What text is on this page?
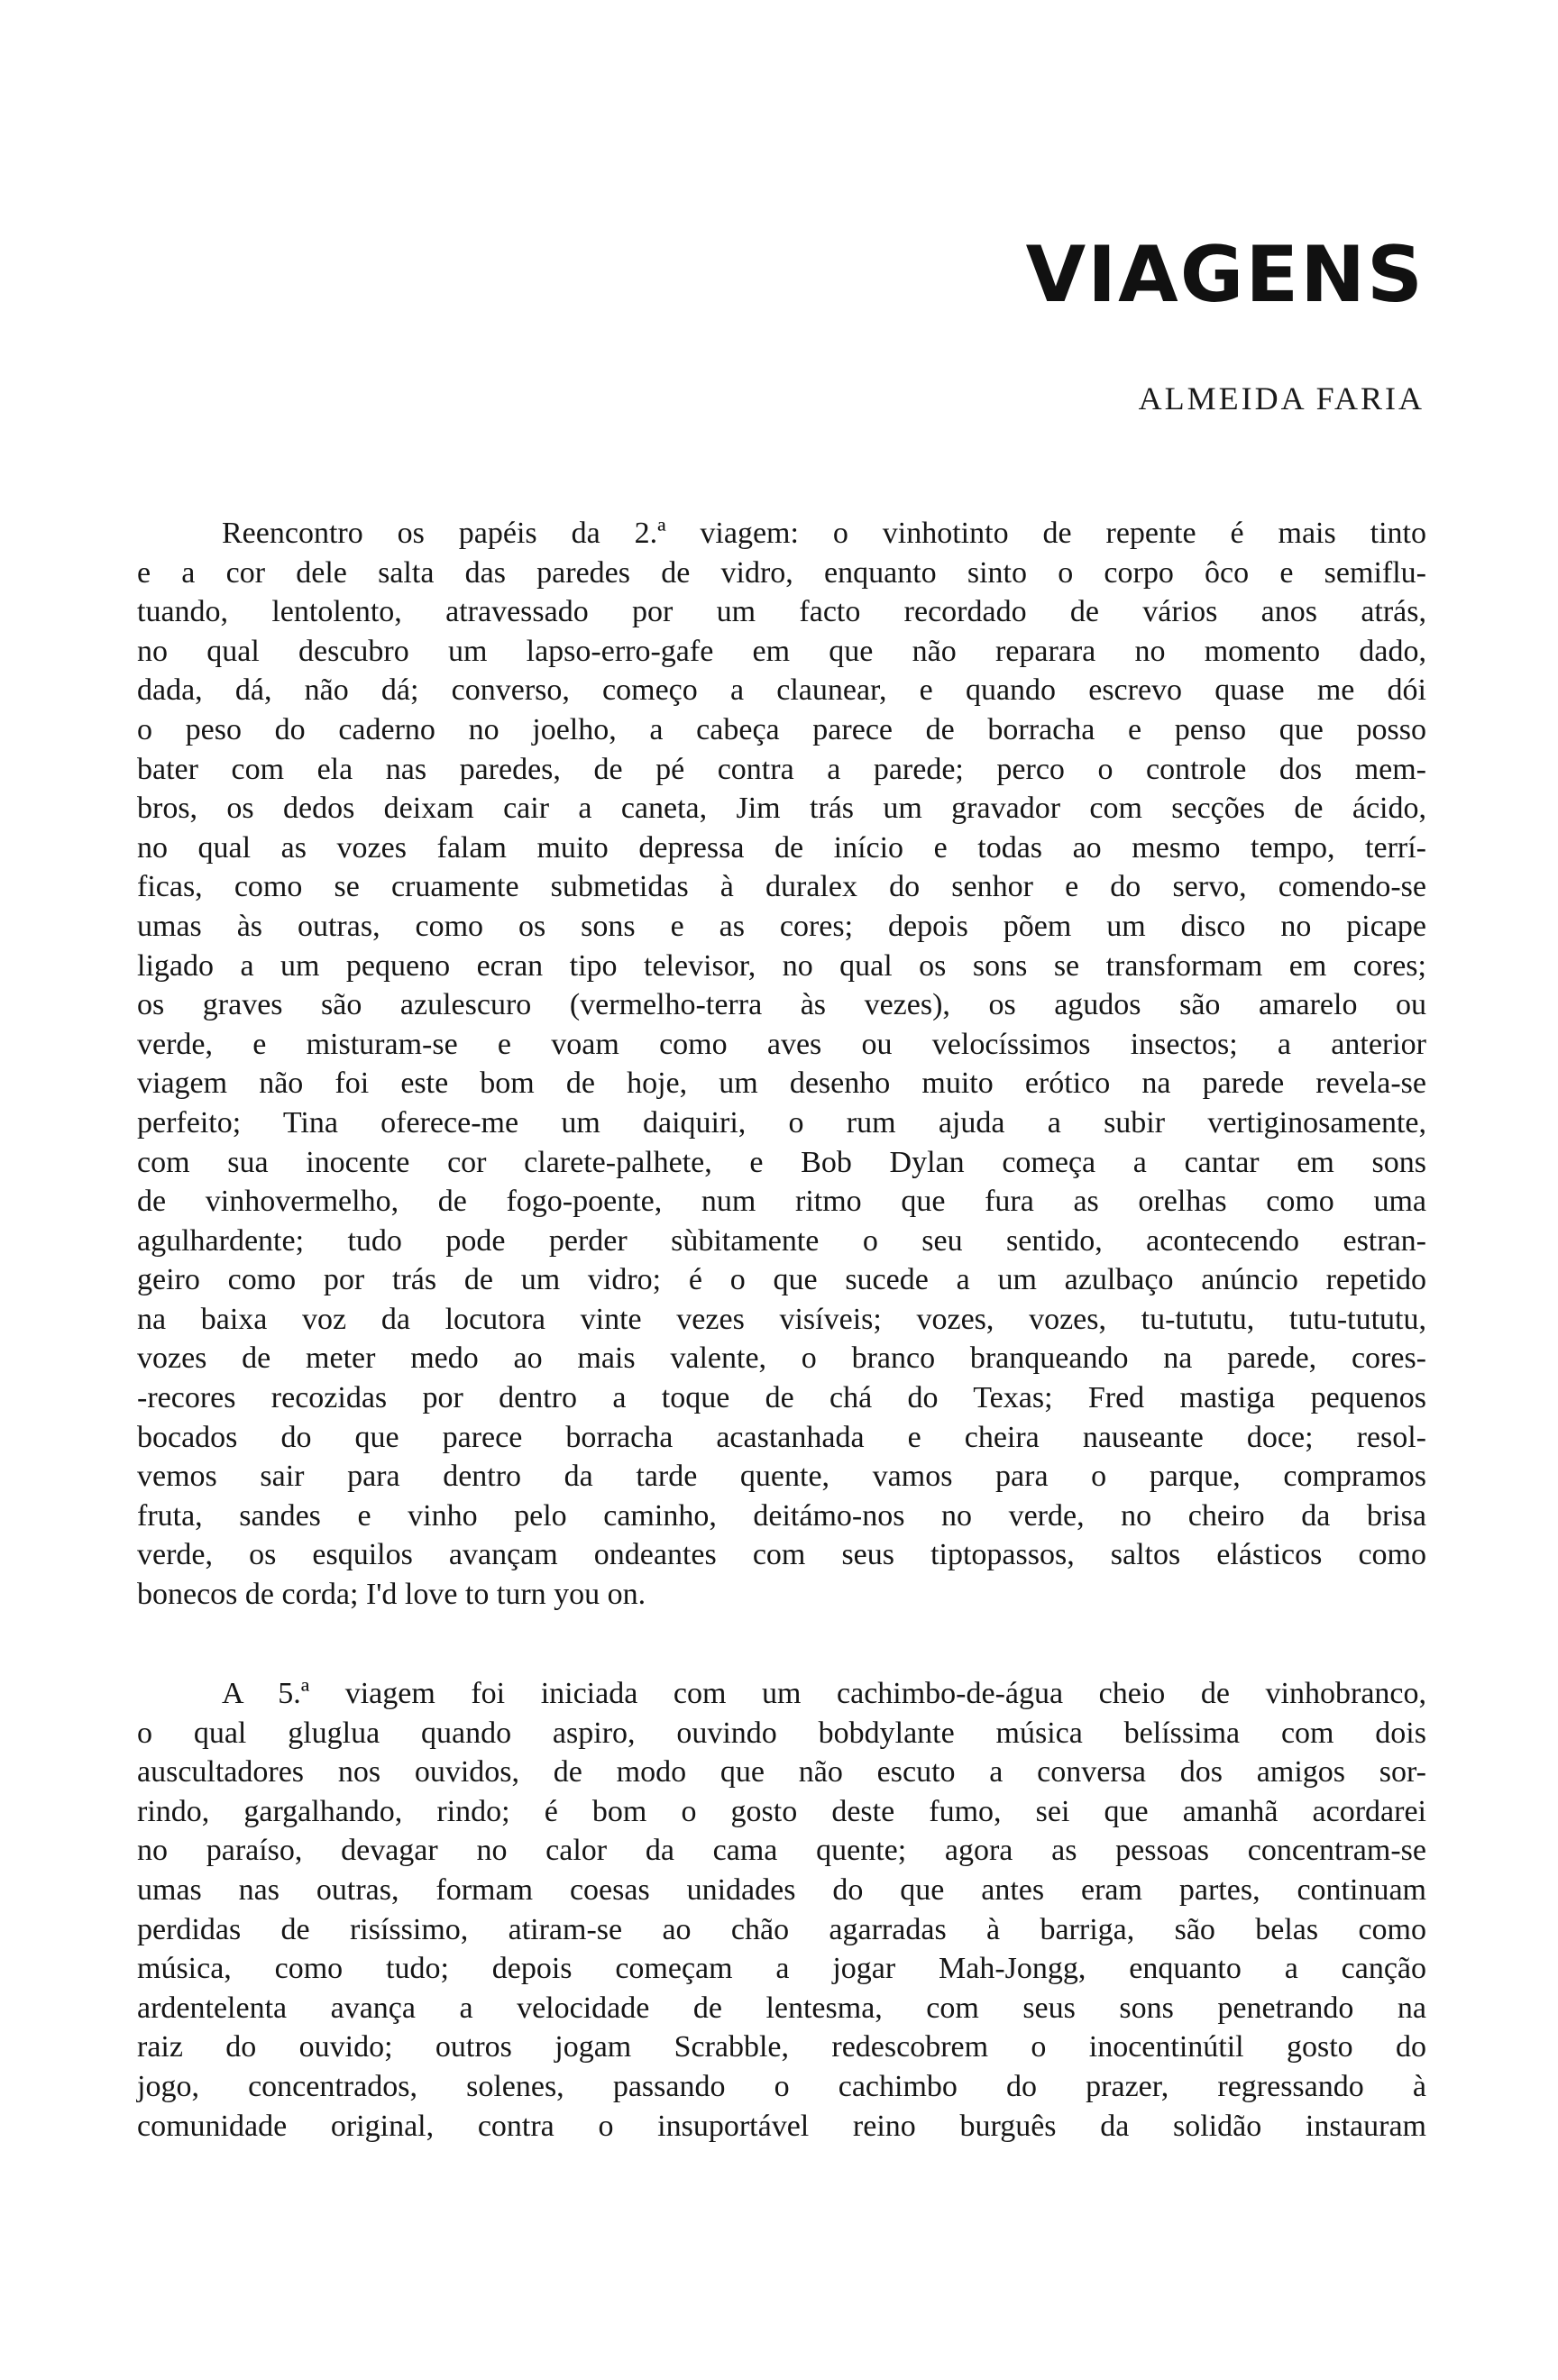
VIAGENS
ALMEIDA FARIA
Reencontro os papéis da 2.ª viagem: o vinhotinto de repente é mais tinto
e a cor dele salta das paredes de vidro, enquanto sinto o corpo ôco e semiflu-
tuando, lentolento, atravessado por um facto recordado de vários anos atrás,
no qual descubro um lapso-erro-gafe em que não reparara no momento dado,
dada, dá, não dá; converso, começo a claunear, e quando escrevo quase me dói
o peso do caderno no joelho, a cabeça parece de borracha e penso que posso
bater com ela nas paredes, de pé contra a parede; perco o controle dos mem-
bros, os dedos deixam cair a caneta, Jim trás um gravador com secções de ácido,
no qual as vozes falam muito depressa de início e todas ao mesmo tempo, terrí-
ficas, como se cruamente submetidas à duralex do senhor e do servo, comendo-se
umas às outras, como os sons e as cores; depois põem um disco no picape
ligado a um pequeno ecran tipo televisor, no qual os sons se transformam em cores;
os graves são azulescuro (vermelho-terra às vezes), os agudos são amarelo ou
verde, e misturam-se e voam como aves ou velocíssimos insectos; a anterior
viagem não foi este bom de hoje, um desenho muito erótico na parede revela-se
perfeito; Tina oferece-me um daiquiri, o rum ajuda a subir vertiginosamente,
com sua inocente cor clarete-palhete, e Bob Dylan começa a cantar em sons
de vinhovermelho, de fogo-poente, num ritmo que fura as orelhas como uma
agulhardente; tudo pode perder sùbitamente o seu sentido, acontecendo estran-
geiro como por trás de um vidro; é o que sucede a um azulbaço anúncio repetido
na baixa voz da locutora vinte vezes visíveis; vozes, vozes, tu-tututu, tutu-tututu,
vozes de meter medo ao mais valente, o branco branqueando na parede, cores-
-recores recozidas por dentro a toque de chá do Texas; Fred mastiga pequenos
bocados do que parece borracha acastanhada e cheira nauseante doce; resol-
vemos sair para dentro da tarde quente, vamos para o parque, compramos
fruta, sandes e vinho pelo caminho, deitámo-nos no verde, no cheiro da brisa
verde, os esquilos avançam ondeantes com seus tiptopassos, saltos elásticos como
bonecos de corda; I'd love to turn you on.
A 5.ª viagem foi iniciada com um cachimbo-de-água cheio de vinhobranco,
o qual gluglua quando aspiro, ouvindo bobdylante música belíssima com dois
auscultadores nos ouvidos, de modo que não escuto a conversa dos amigos sor-
rindo, gargalhando, rindo; é bom o gosto deste fumo, sei que amanhã acordarei
no paraíso, devagar no calor da cama quente; agora as pessoas concentram-se
umas nas outras, formam coesas unidades do que antes eram partes, continuam
perdidas de risíssimo, atiram-se ao chão agarradas à barriga, são belas como
música, como tudo; depois começam a jogar Mah-Jongg, enquanto a canção
ardentelenta avança a velocidade de lentesma, com seus sons penetrando na
raiz do ouvido; outros jogam Scrabble, redescobrem o inocentinútil gosto do
jogo, concentrados, solenes, passando o cachimbo do prazer, regressando à
comunidade original, contra o insuportável reino burguês da solidão instauram
